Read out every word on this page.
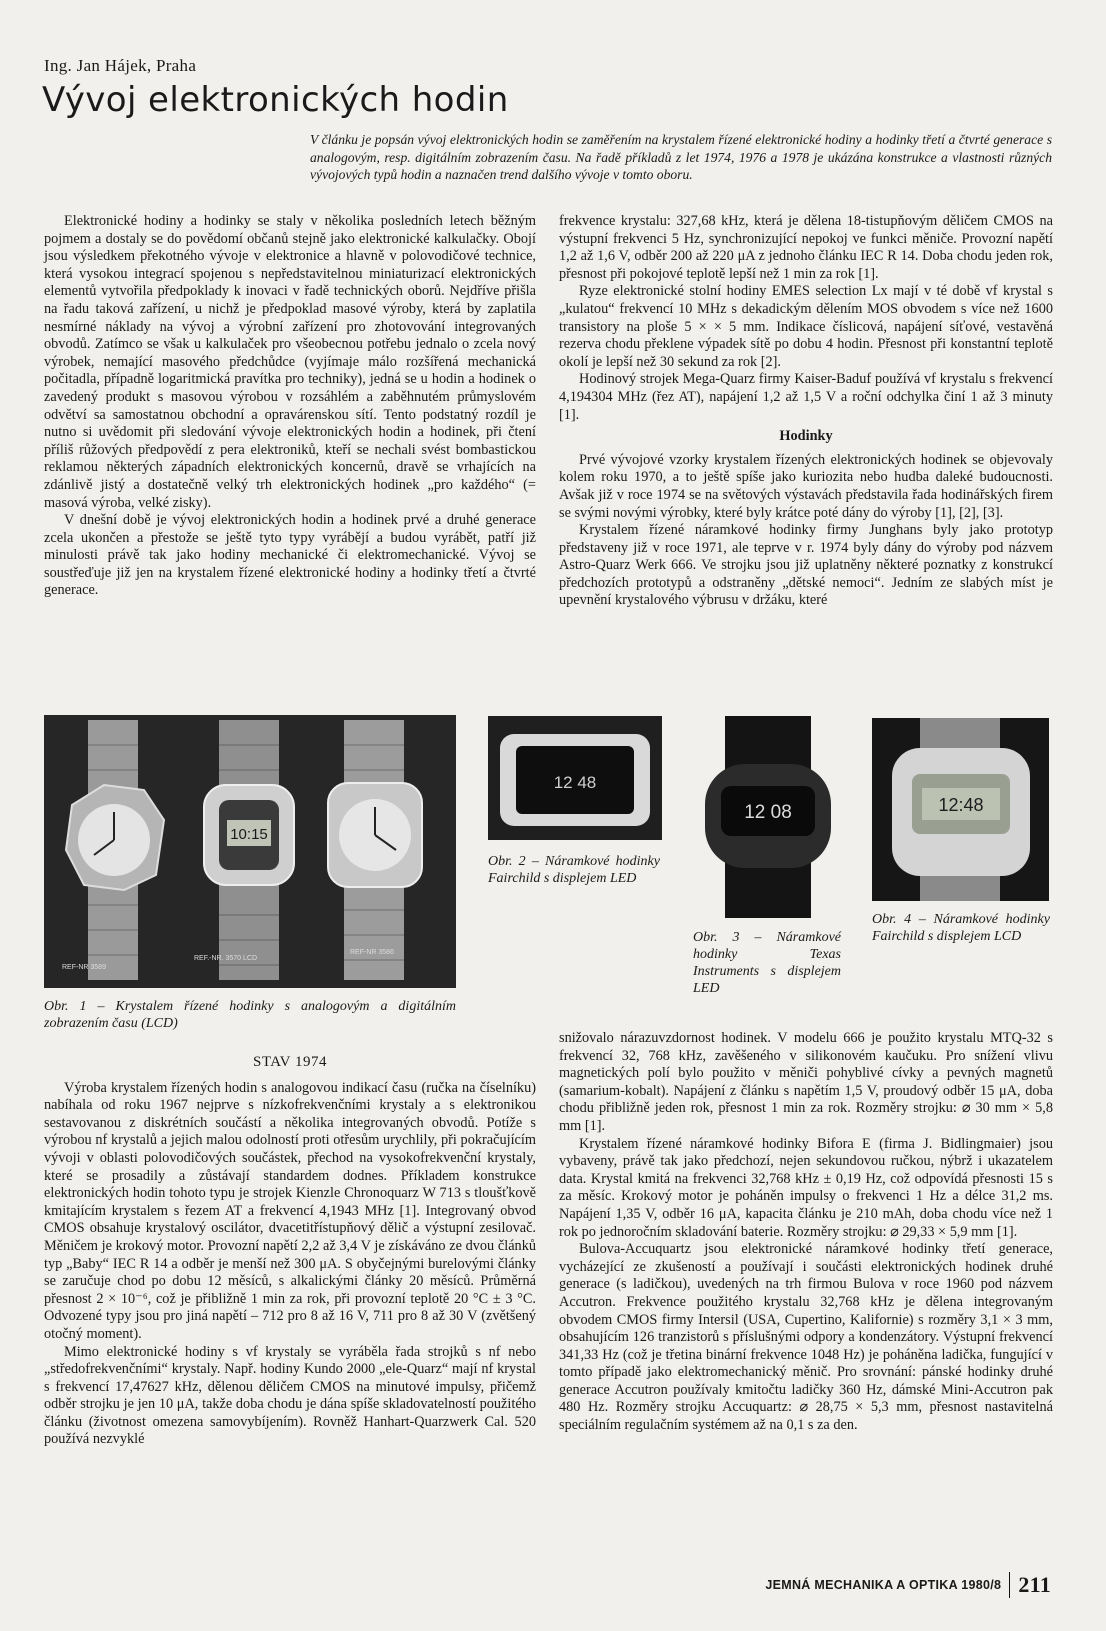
Ing. Jan Hájek, Praha
Vývoj elektronických hodin
V článku je popsán vývoj elektronických hodin se zaměřením na krystalem řízené elektronické hodiny a hodinky třetí a čtvrté generace s analogovým, resp. digitálním zobrazením času. Na řadě příkladů z let 1974, 1976 a 1978 je ukázána konstrukce a vlastnosti různých vývojových typů hodin a naznačen trend dalšího vývoje v tomto oboru.

Elektronické hodiny a hodinky se staly v několika posledních letech běžným pojmem a dostaly se do povědomí občanů stejně jako elektronické kalkulačky. Obojí jsou výsledkem překotného vývoje v elektronice a hlavně v polovodičové technice, která vysokou integrací spojenou s nepředstavitelnou miniaturizací elektronických elementů vytvořila předpoklady k inovaci v řadě technických oborů. Nejdříve přišla na řadu taková zařízení, u nichž je předpoklad masové výroby, která by zaplatila nesmírné náklady na vývoj a výrobní zařízení pro zhotovování integrovaných obvodů. Zatímco se však u kalkulaček pro všeobecnou potřebu jednalo o zcela nový výrobek, nemající masového předchůdce (vyjímaje málo rozšířená mechanická počitadla, případně logaritmická pravítka pro techniky), jedná se u hodin a hodinek o zavedený produkt s masovou výrobou v rozsáhlém a zaběhnutém průmyslovém odvětví sa samostatnou obchodní a opravárenskou sítí. Tento podstatný rozdíl je nutno si uvědomit při sledování vývoje elektronických hodin a hodinek, při čtení příliš růžových předpovědí z pera elektroniků, kteří se nechali svést bombastickou reklamou některých západních elektronických koncernů, dravě se vrhajících na zdánlivě jistý a dostatečně velký trh elektronických hodinek „pro každého“ (= masová výroba, velké zisky).

V dnešní době je vývoj elektronických hodin a hodinek prvé a druhé generace zcela ukončen a přestože se ještě tyto typy vyrábějí a budou vyrábět, patří již minulosti právě tak jako hodiny mechanické či elektromechanické. Vývoj se soustřeďuje již jen na krystalem řízené elektronické hodiny a hodinky třetí a čtvrté generace.

frekvence krystalu: 327,68 kHz, která je dělena 18-tistupňovým děličem CMOS na výstupní frekvenci 5 Hz, synchronizující nepokoj ve funkci měniče. Provozní napětí 1,2 až 1,6 V, odběr 200 až 220 μA z jednoho článku IEC R 14. Doba chodu jeden rok, přesnost při pokojové teplotě lepší než 1 min za rok [1].

Ryze elektronické stolní hodiny EMES selection Lx mají v té době vf krystal s „kulatou“ frekvencí 10 MHz s dekadickým dělením MOS obvodem s více než 1600 transistory na ploše 5 × × 5 mm. Indikace číslicová, napájení síťové, vestavěná rezerva chodu překlene výpadek sítě po dobu 4 hodin. Přesnost při konstantní teplotě okolí je lepší než 30 sekund za rok [2].

Hodinový strojek Mega-Quarz firmy Kaiser-Baduf používá vf krystalu s frekvencí 4,194304 MHz (řez AT), napájení 1,2 až 1,5 V a roční odchylka činí 1 až 3 minuty [1].

Hodinky

Prvé vývojové vzorky krystalem řízených elektronických hodinek se objevovaly kolem roku 1970, a to ještě spíše jako kuriozita nebo hudba daleké budoucnosti. Avšak již v roce 1974 se na světových výstavách představila řada hodinářských firem se svými novými výrobky, které byly krátce poté dány do výroby [1], [2], [3].

Krystalem řízené náramkové hodinky firmy Junghans byly jako prototyp představeny již v roce 1971, ale teprve v r. 1974 byly dány do výroby pod názvem Astro-Quarz Werk 666. Ve strojku jsou již uplatněny některé poznatky z konstrukcí předchozích prototypů a odstraněny „dětské nemoci“. Jedním ze slabých míst je upevnění krystalového výbrusu v držáku, které

10:15
REF-NR 3589
REF.-NR. 3570 LCD
REF-NR 3586
Obr. 1 – Krystalem řízené hodinky s analogovým a digitálním zobrazením času (LCD)
12 48
Obr. 2 – Náramkové hodinky Fairchild s displejem LED
12 08
Obr. 3 – Náramkové hodinky Texas Instruments s displejem LED
12:48
Obr. 4 – Náramkové hodinky Fairchild s displejem LCD
STAV 1974

Výroba krystalem řízených hodin s analogovou indikací času (ručka na číselníku) nabíhala od roku 1967 nejprve s nízkofrekvenčními krystaly a s elektronikou sestavovanou z diskrétních součástí a několika integrovaných obvodů. Potíže s výrobou nf krystalů a jejich malou odolností proti otřesům urychlily, při pokračujícím vývoji v oblasti polovodičových součástek, přechod na vysokofrekvenční krystaly, které se prosadily a zůstávají standardem dodnes. Příkladem konstrukce elektronických hodin tohoto typu je strojek Kienzle Chronoquarz W 713 s tloušťkově kmitajícím krystalem s řezem AT a frekvencí 4,1943 MHz [1]. Integrovaný obvod CMOS obsahuje krystalový oscilátor, dvacetitřístupňový dělič a výstupní zesilovač. Měničem je krokový motor. Provozní napětí 2,2 až 3,4 V je získáváno ze dvou článků typ „Baby“ IEC R 14 a odběr je menší než 300 μA. S obyčejnými burelovými články se zaručuje chod po dobu 12 měsíců, s alkalickými články 20 měsíců. Průměrná přesnost 2 × 10⁻⁶, což je přibližně 1 min za rok, při provozní teplotě 20 °C ± 3 °C. Odvozené typy jsou pro jiná napětí – 712 pro 8 až 16 V, 711 pro 8 až 30 V (zvětšený otočný moment).

Mimo elektronické hodiny s vf krystaly se vyráběla řada strojků s nf nebo „středofrekvenčními“ krystaly. Např. hodiny Kundo 2000 „ele-Quarz“ mají nf krystal s frekvencí 17,47627 kHz, dělenou děličem CMOS na minutové impulsy, přičemž odběr strojku je jen 10 μA, takže doba chodu je dána spíše skladovatelností použitého článku (životnost omezena samovybíjením). Rovněž Hanhart-Quarzwerk Cal. 520 používá nezvyklé

snižovalo nárazuvzdornost hodinek. V modelu 666 je použito krystalu MTQ-32 s frekvencí 32, 768 kHz, zavěšeného v silikonovém kaučuku. Pro snížení vlivu magnetických polí bylo použito v měniči pohyblivé cívky a pevných magnetů (samarium-kobalt). Napájení z článku s napětím 1,5 V, proudový odběr 15 μA, doba chodu přibližně jeden rok, přesnost 1 min za rok. Rozměry strojku: ⌀ 30 mm × 5,8 mm [1].

Krystalem řízené náramkové hodinky Bifora E (firma J. Bidlingmaier) jsou vybaveny, právě tak jako předchozí, nejen sekundovou ručkou, nýbrž i ukazatelem data. Krystal kmitá na frekvenci 32,768 kHz ± 0,19 Hz, což odpovídá přesnosti 15 s za měsíc. Krokový motor je poháněn impulsy o frekvenci 1 Hz a délce 31,2 ms. Napájení 1,35 V, odběr 16 μA, kapacita článku je 210 mAh, doba chodu více než 1 rok po jednoročním skladování baterie. Rozměry strojku: ⌀ 29,33 × 5,9 mm [1].

Bulova-Accuquartz jsou elektronické náramkové hodinky třetí generace, vycházející ze zkušeností a používají i součásti elektronických hodinek druhé generace (s ladičkou), uvedených na trh firmou Bulova v roce 1960 pod názvem Accutron. Frekvence použitého krystalu 32,768 kHz je dělena integrovaným obvodem CMOS firmy Intersil (USA, Cupertino, Kalifornie) s rozměry 3,1 × 3 mm, obsahujícím 126 tranzistorů s příslušnými odpory a kondenzátory. Výstupní frekvencí 341,33 Hz (což je třetina binární frekvence 1048 Hz) je poháněna ladička, fungující v tomto případě jako elektromechanický měnič. Pro srovnání: pánské hodinky druhé generace Accutron používaly kmitočtu ladičky 360 Hz, dámské Mini-Accutron pak 480 Hz. Rozměry strojku Accuquartz: ⌀ 28,75 × 5,3 mm, přesnost nastavitelná speciálním regulačním systémem až na 0,1 s za den.

JEMNÁ MECHANIKA A OPTIKA 1980/8 211
